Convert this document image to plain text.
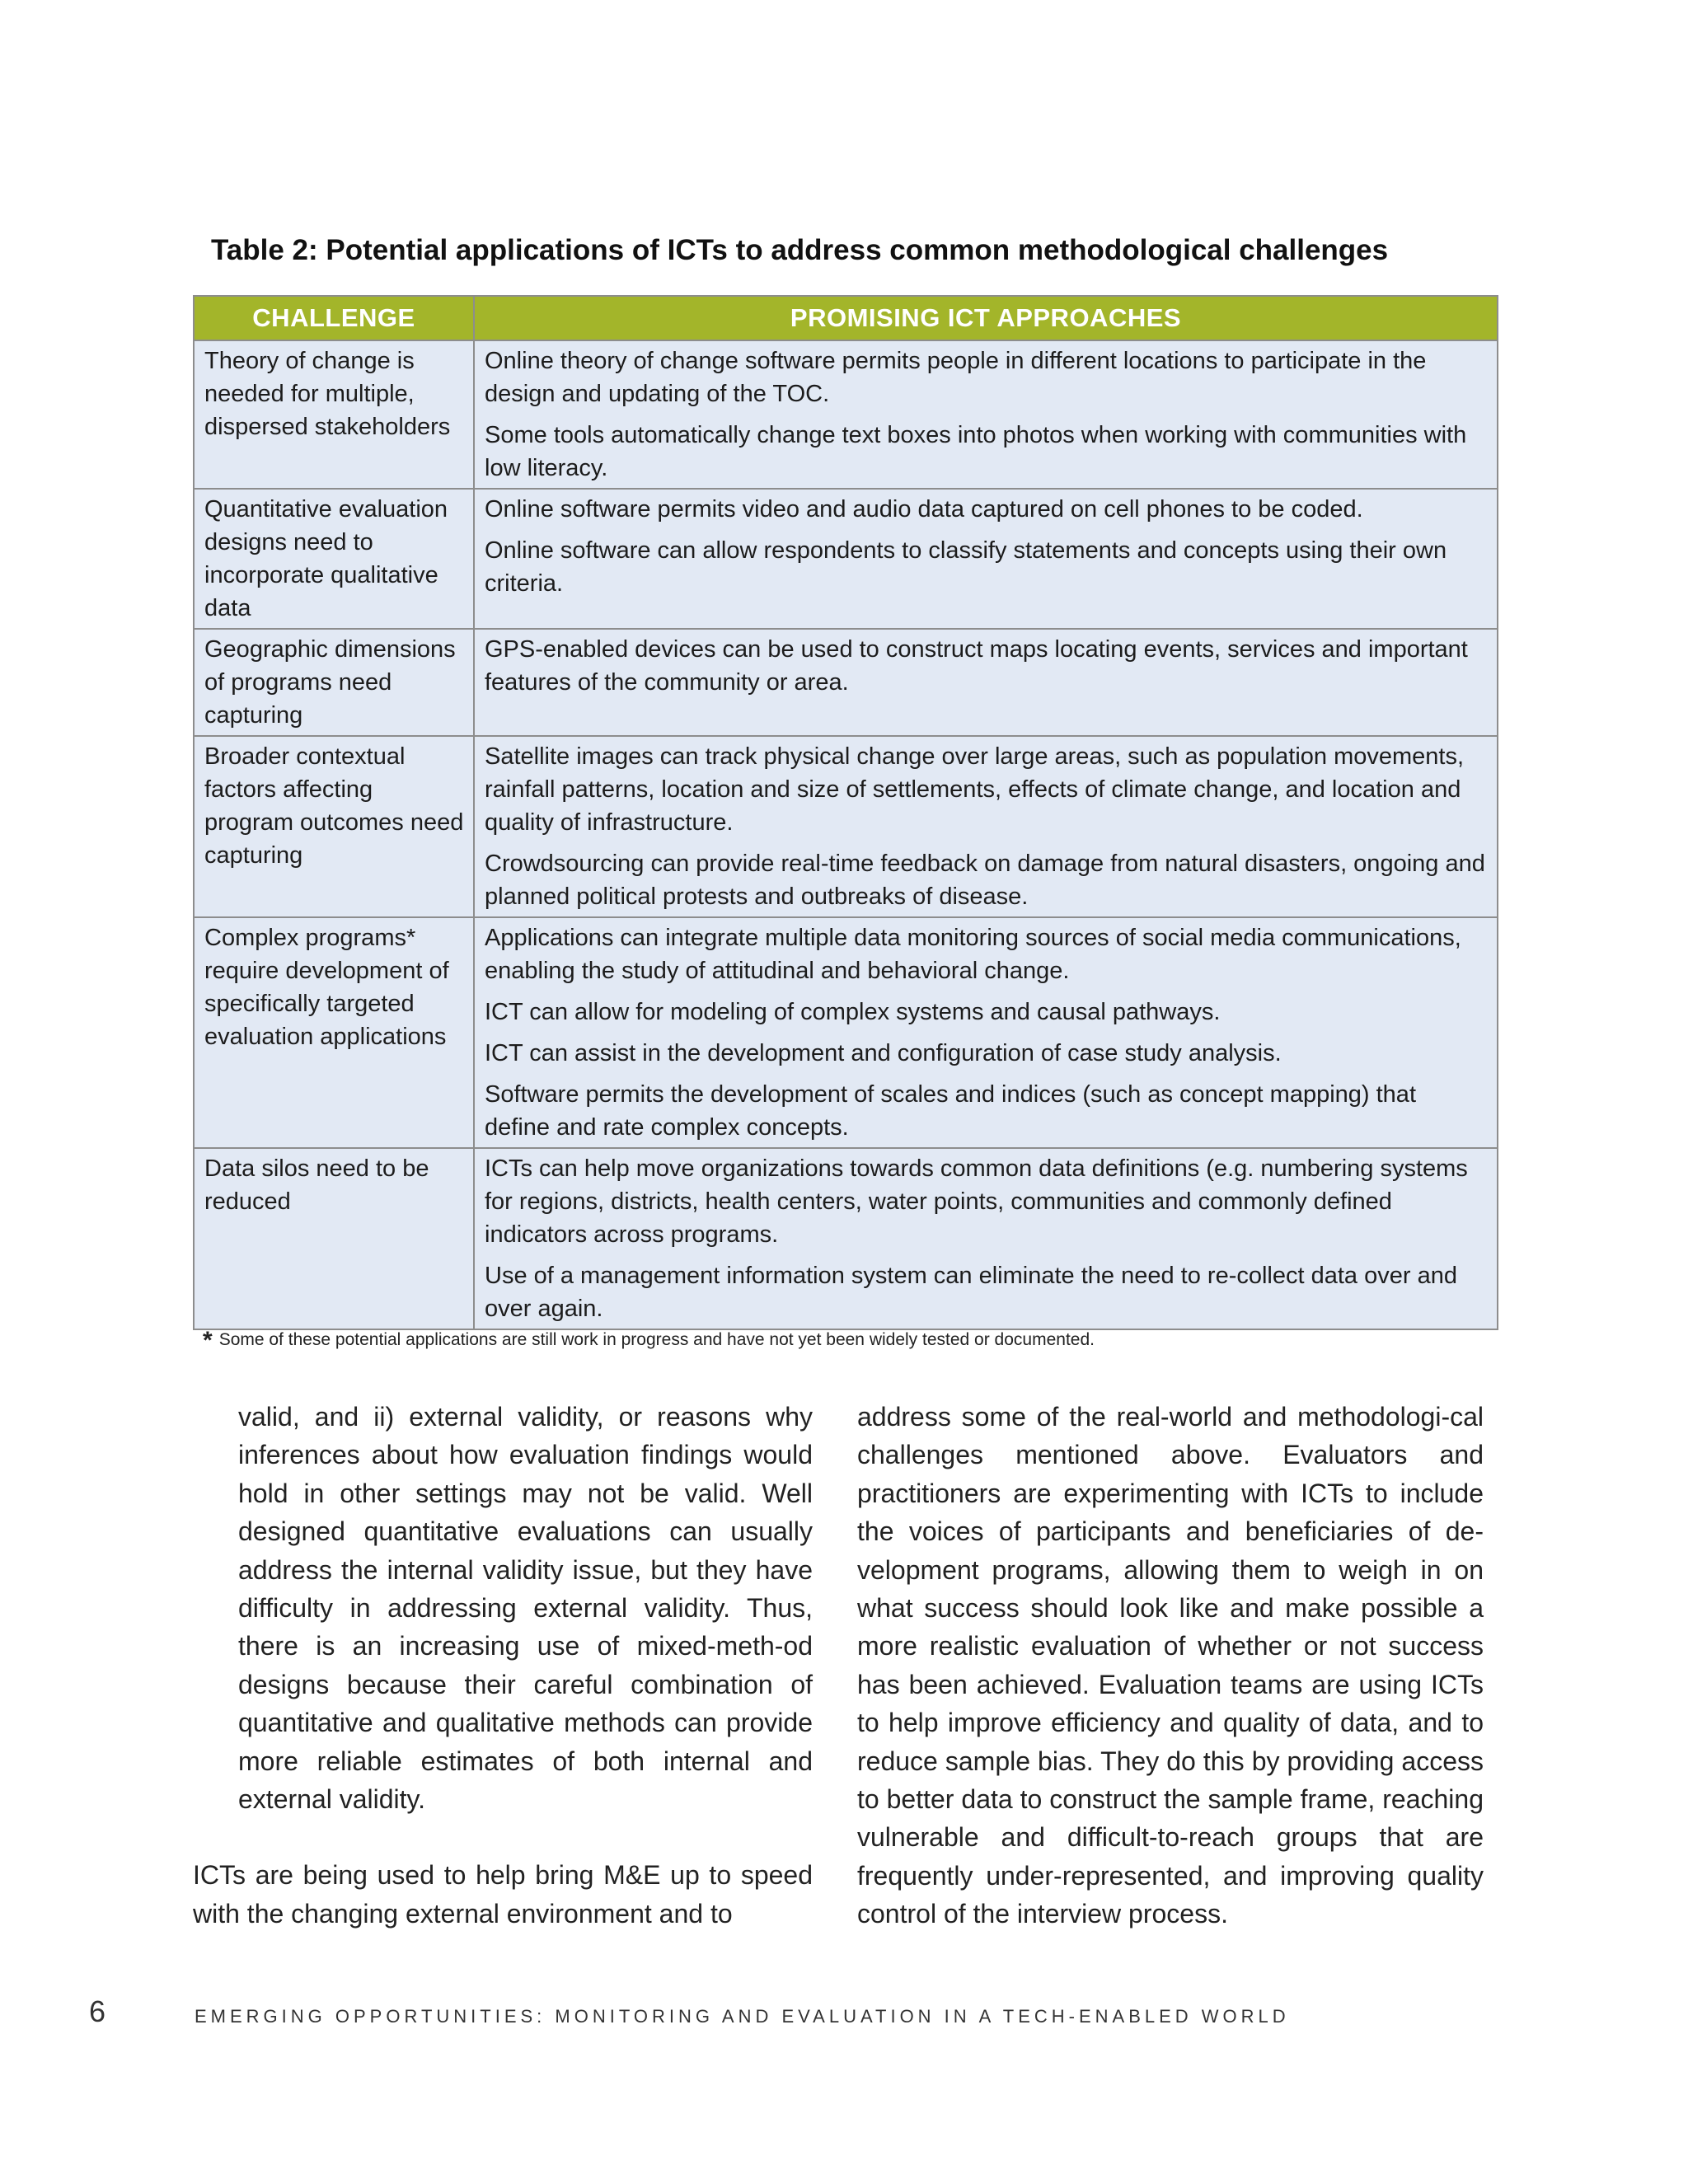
Table 2: Potential applications of ICTs to address common methodological challenges
CHALLENGE	PROMISING ICT APPROACHES
Theory of change is needed for multiple, dispersed stakeholders	Online theory of change software permits people in different locations to participate in the design and updating of the TOC.

Some tools automatically change text boxes into photos when working with communities with low literacy.

Quantitative evaluation designs need to incorporate qualitative data	Online software permits video and audio data captured on cell phones to be coded.

Online software can allow respondents to classify statements and concepts using their own criteria.

Geographic dimensions of programs need capturing	GPS-enabled devices can be used to construct maps locating events, services and important features of the community or area.

Broader contextual factors affecting program outcomes need capturing	Satellite images can track physical change over large areas, such as population movements, rainfall patterns, location and size of settlements, effects of climate change, and location and quality of infrastructure.

Crowdsourcing can provide real-time feedback on damage from natural disasters, ongoing and planned political protests and outbreaks of disease.

Complex programs* require development of specifically targeted evaluation applications	Applications can integrate multiple data monitoring sources of social media communications, enabling the study of attitudinal and behavioral change.

ICT can allow for modeling of complex systems and causal pathways.

ICT can assist in the development and configuration of case study analysis.

Software permits the development of scales and indices (such as concept mapping) that define and rate complex concepts.

Data silos need to be reduced	ICTs can help move organizations towards common data definitions (e.g. numbering systems for regions, districts, health centers, water points, communities and commonly defined indicators across programs.

Use of a management information system can eliminate the need to re-collect data over and over again.

* Some of these potential applications are still work in progress and have not yet been widely tested or documented.

valid, and ii) external validity, or reasons why inferences about how evaluation findings would hold in other settings may not be valid. Well designed quantitative evaluations can usually address the internal validity issue, but they have difficulty in addressing external validity. Thus, there is an increasing use of mixed-meth-od designs because their careful combination of quantitative and qualitative methods can provide more reliable estimates of both internal and external validity.

ICTs are being used to help bring M&E up to speed with the changing external environment and to

address some of the real-world and methodologi-cal challenges mentioned above. Evaluators and practitioners are experimenting with ICTs to include the voices of participants and beneficiaries of de-velopment programs, allowing them to weigh in on what success should look like and make possible a more realistic evaluation of whether or not success has been achieved. Evaluation teams are using ICTs to help improve efficiency and quality of data, and to reduce sample bias. They do this by providing access to better data to construct the sample frame, reaching vulnerable and difficult-to-reach groups that are frequently under-represented, and improving quality control of the interview process.

6	EMERGING OPPORTUNITIES: MONITORING AND EVALUATION IN A TECH-ENABLED WORLD
